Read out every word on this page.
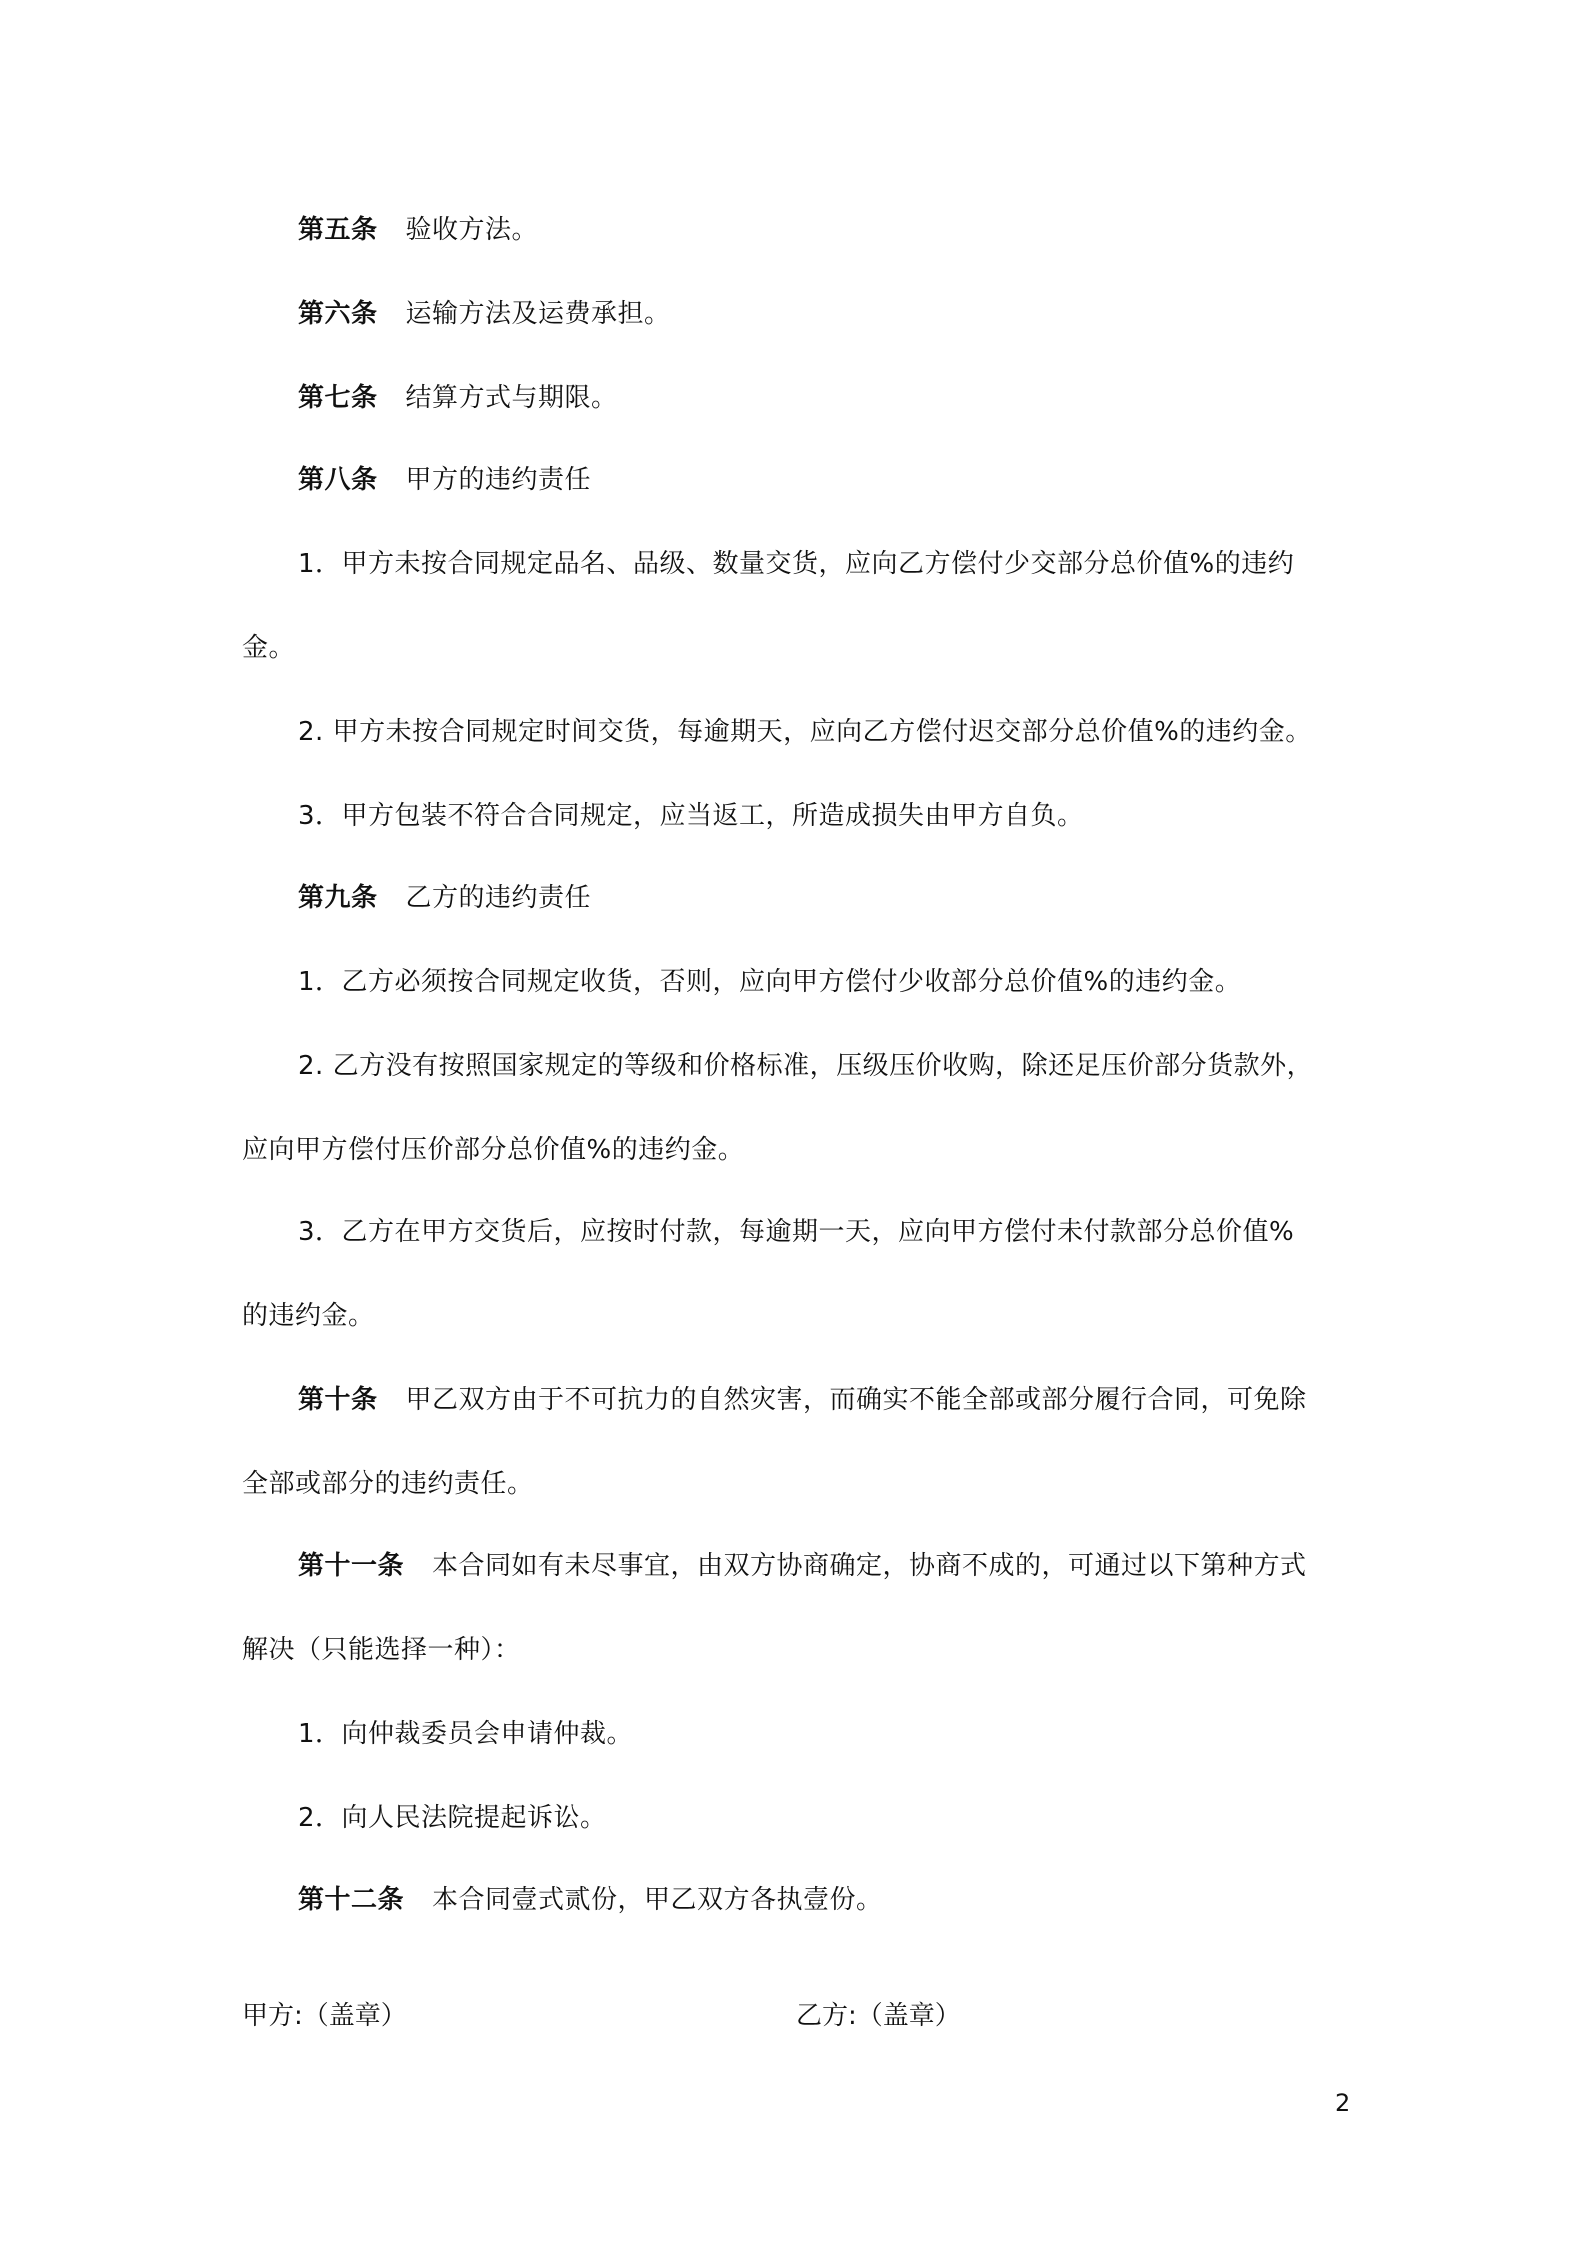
第五条 验收方法。
第六条 运输方法及运费承担。
第七条 结算方式与期限。
第八条 甲方的违约责任
1．甲方未按合同规定品名、品级、数量交货，应向乙方偿付少交部分总价值%的违约
金。
2. 甲方未按合同规定时间交货，每逾期天，应向乙方偿付迟交部分总价值%的违约金。
3．甲方包装不符合合同规定，应当返工，所造成损失由甲方自负。
第九条 乙方的违约责任
1．乙方必须按合同规定收货，否则，应向甲方偿付少收部分总价值%的违约金。
2. 乙方没有按照国家规定的等级和价格标准，压级压价收购，除还足压价部分货款外，
应向甲方偿付压价部分总价值%的违约金。
3．乙方在甲方交货后，应按时付款，每逾期一天，应向甲方偿付未付款部分总价值%
的违约金。
第十条 甲乙双方由于不可抗力的自然灾害，而确实不能全部或部分履行合同，可免除
全部或部分的违约责任。
第十一条 本合同如有未尽事宜，由双方协商确定，协商不成的，可通过以下第种方式
解决（只能选择一种）：
1．向仲裁委员会申请仲裁。
2．向人民法院提起诉讼。
第十二条 本合同壹式贰份，甲乙双方各执壹份。
甲方:（盖章）	乙方:（盖章）
2
